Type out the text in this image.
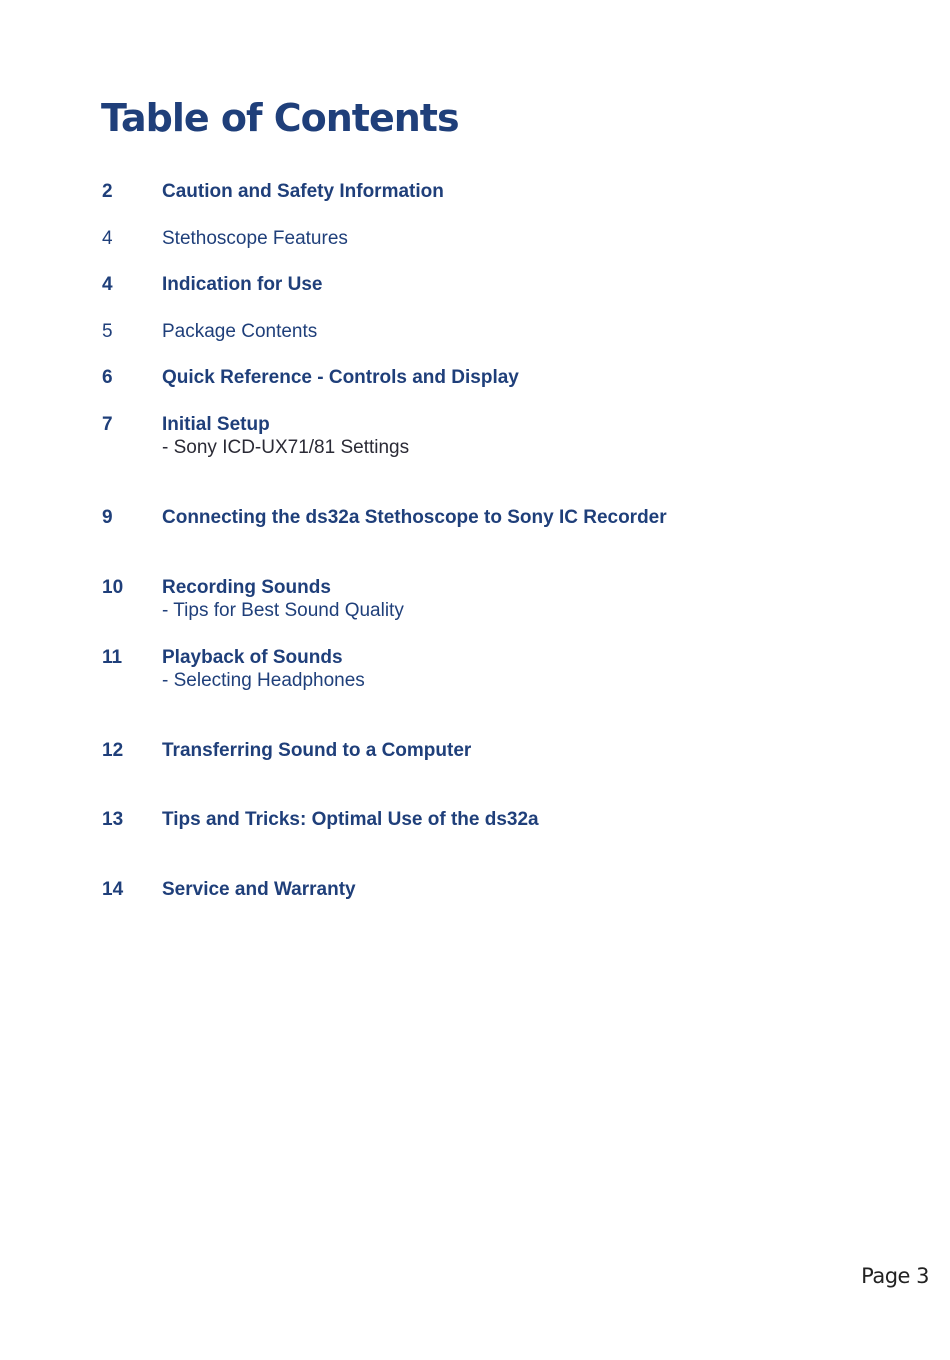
Table of Contents
2	Caution and Safety Information
4	Stethoscope Features
4	Indication for Use
5	Package Contents
6	Quick Reference - Controls and Display
7	Initial Setup
- Sony ICD-UX71/81 Settings
9	Connecting the ds32a Stethoscope to Sony IC Recorder
10	Recording Sounds
- Tips for Best Sound Quality
11	Playback of Sounds
- Selecting Headphones
12	Transferring Sound to a Computer
13	Tips and Tricks: Optimal Use of the ds32a
14	Service and Warranty
Page 3
